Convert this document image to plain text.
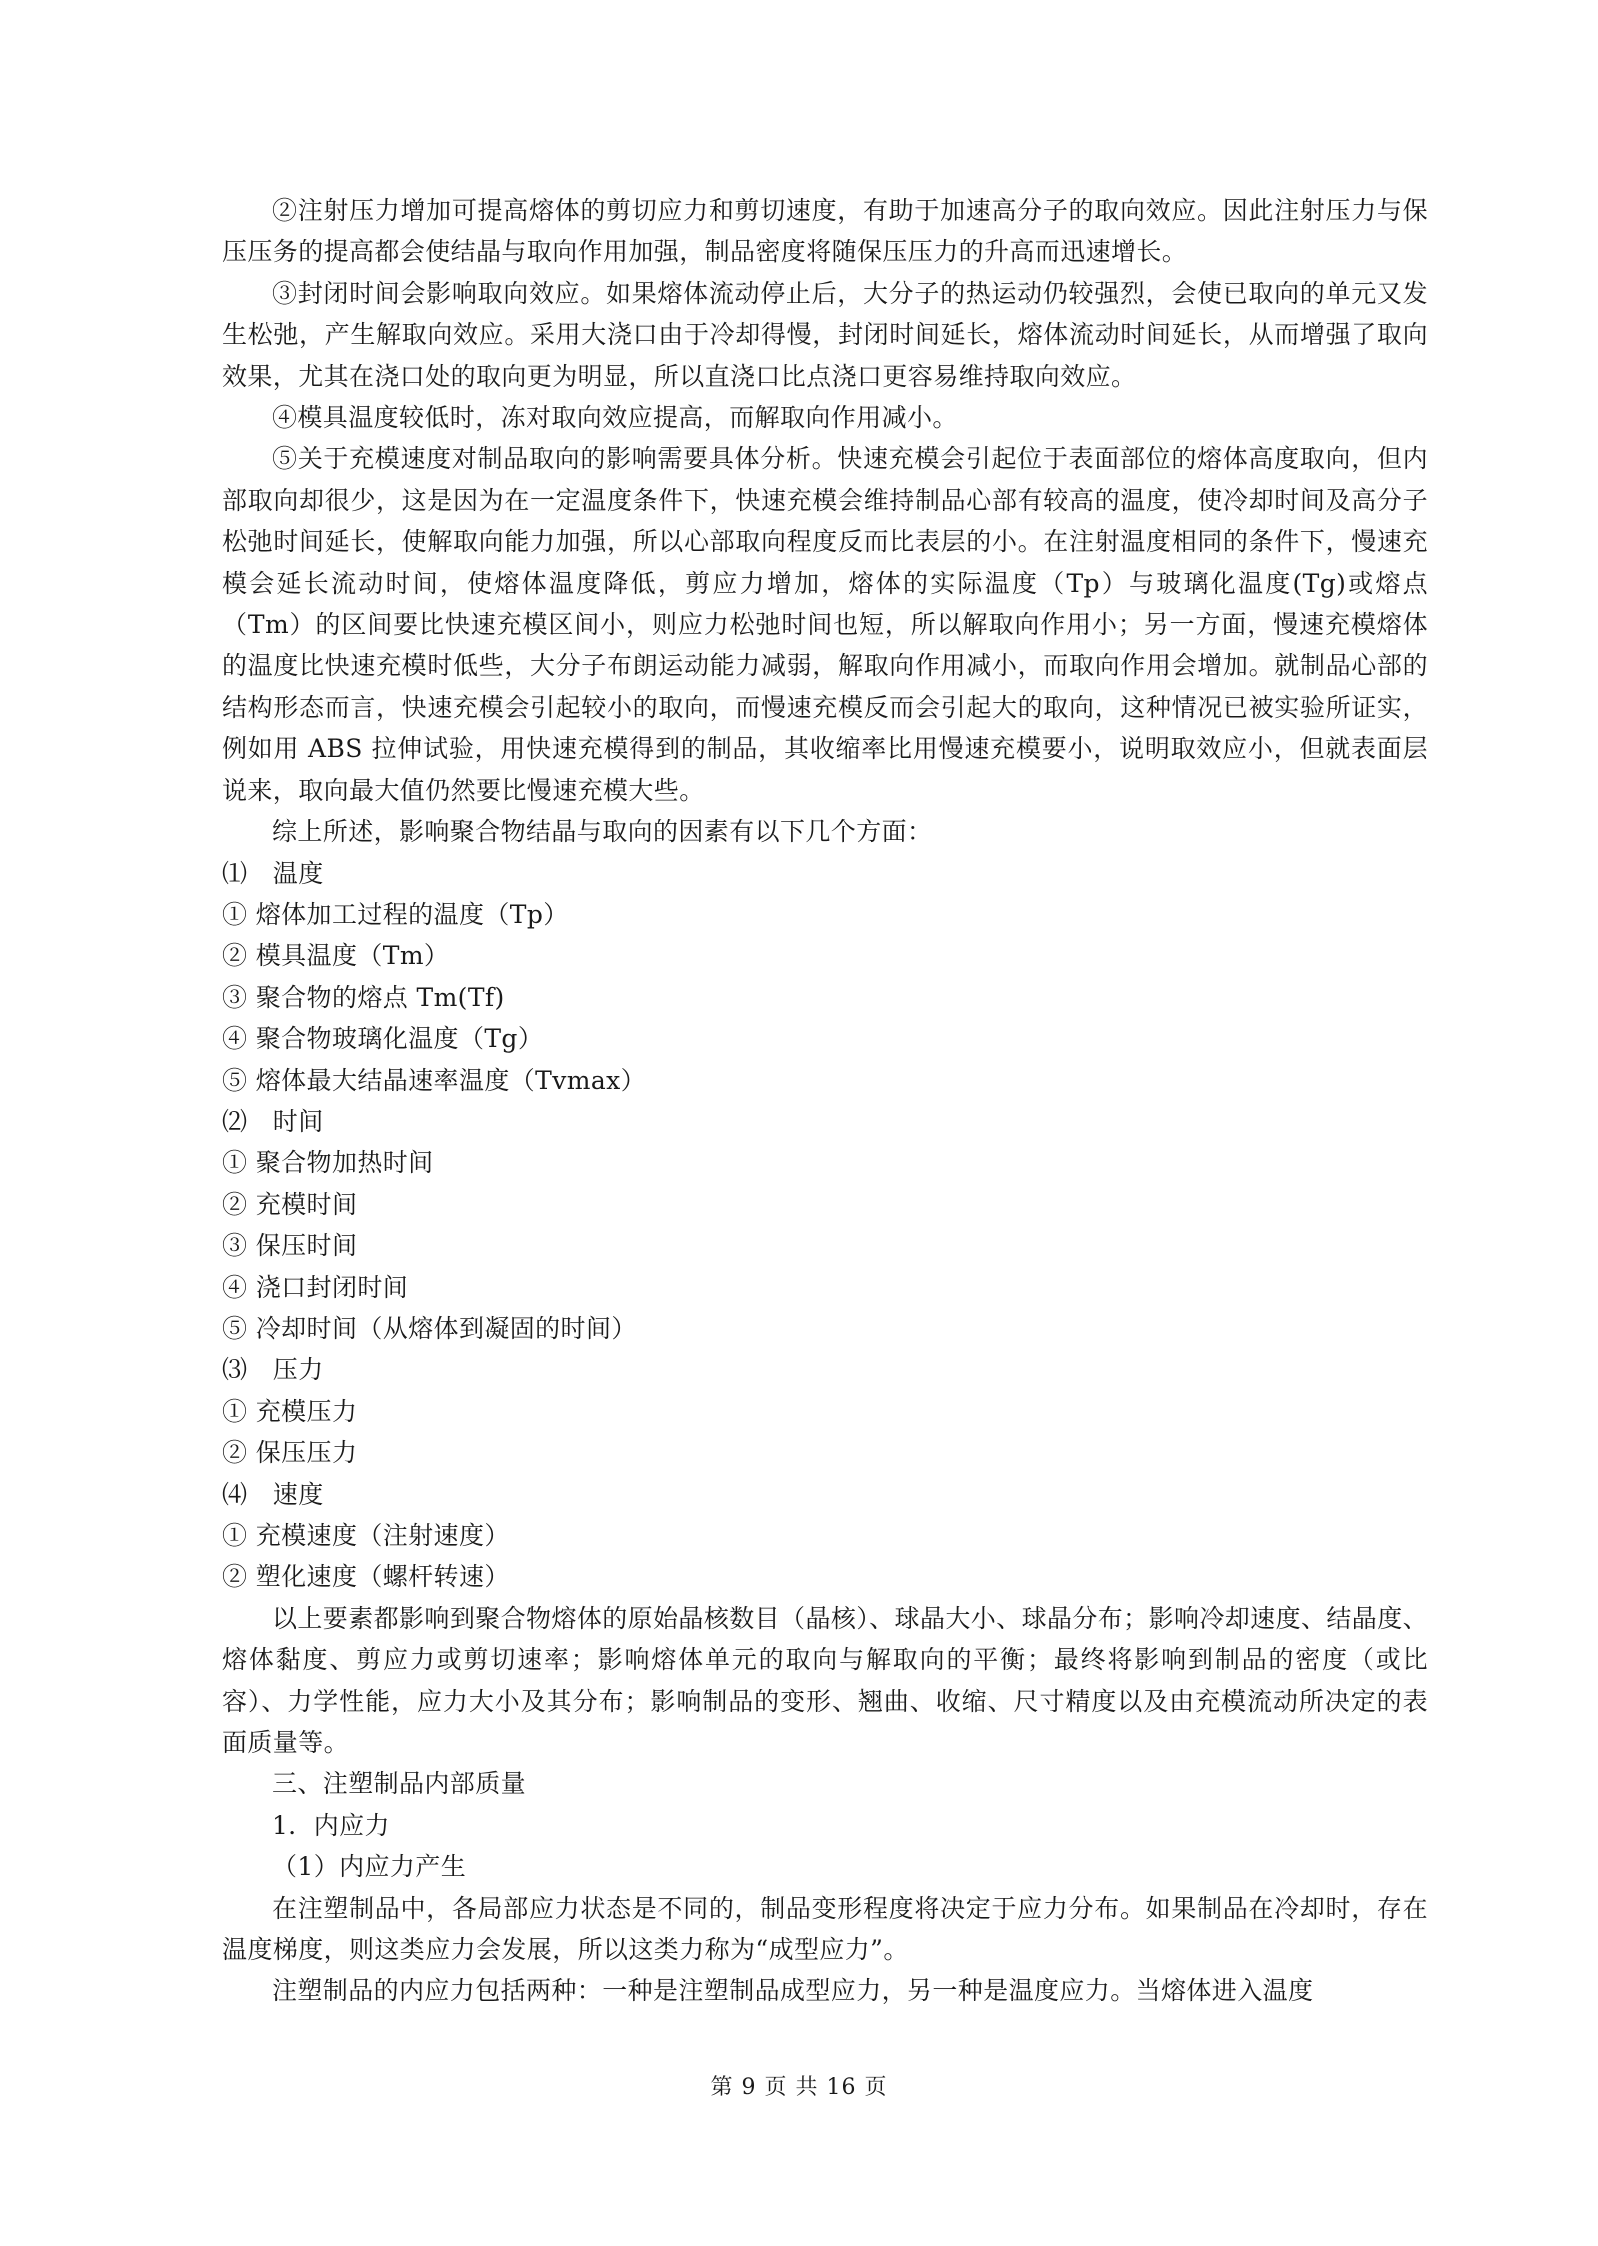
②注射压力增加可提高熔体的剪切应力和剪切速度，有助于加速高分子的取向效应。因此注射压力与保压压务的提高都会使结晶与取向作用加强，制品密度将随保压压力的升高而迅速增长。

③封闭时间会影响取向效应。如果熔体流动停止后，大分子的热运动仍较强烈，会使已取向的单元又发生松弛，产生解取向效应。采用大浇口由于冷却得慢，封闭时间延长，熔体流动时间延长，从而增强了取向效果，尤其在浇口处的取向更为明显，所以直浇口比点浇口更容易维持取向效应。

④模具温度较低时，冻对取向效应提高，而解取向作用减小。

⑤关于充模速度对制品取向的影响需要具体分析。快速充模会引起位于表面部位的熔体高度取向，但内部取向却很少，这是因为在一定温度条件下，快速充模会维持制品心部有较高的温度，使冷却时间及高分子松弛时间延长，使解取向能力加强，所以心部取向程度反而比表层的小。在注射温度相同的条件下，慢速充模会延长流动时间，使熔体温度降低，剪应力增加，熔体的实际温度（Tp）与玻璃化温度(Tg)或熔点（Tm）的区间要比快速充模区间小，则应力松弛时间也短，所以解取向作用小；另一方面，慢速充模熔体的温度比快速充模时低些，大分子布朗运动能力减弱，解取向作用减小，而取向作用会增加。就制品心部的结构形态而言，快速充模会引起较小的取向，而慢速充模反而会引起大的取向，这种情况已被实验所证实，例如用 ABS 拉伸试验，用快速充模得到的制品，其收缩率比用慢速充模要小，说明取效应小，但就表面层说来，取向最大值仍然要比慢速充模大些。

综上所述，影响聚合物结晶与取向的因素有以下几个方面：

⑴　温度

① 熔体加工过程的温度（Tp）

② 模具温度（Tm）

③ 聚合物的熔点 Tm(Tf)

④ 聚合物玻璃化温度（Tg）

⑤ 熔体最大结晶速率温度（Tvmax）

⑵　时间

① 聚合物加热时间

② 充模时间

③ 保压时间

④ 浇口封闭时间

⑤ 冷却时间（从熔体到凝固的时间）

⑶　压力

① 充模压力

② 保压压力

⑷　速度

① 充模速度（注射速度）

② 塑化速度（螺杆转速）

以上要素都影响到聚合物熔体的原始晶核数目（晶核）、球晶大小、球晶分布；影响冷却速度、结晶度、熔体黏度、剪应力或剪切速率；影响熔体单元的取向与解取向的平衡；最终将影响到制品的密度（或比容）、力学性能，应力大小及其分布；影响制品的变形、翘曲、收缩、尺寸精度以及由充模流动所决定的表面质量等。

三、注塑制品内部质量

1．内应力

（1）内应力产生

在注塑制品中，各局部应力状态是不同的，制品变形程度将决定于应力分布。如果制品在冷却时，存在温度梯度，则这类应力会发展，所以这类力称为“成型应力”。

注塑制品的内应力包括两种：一种是注塑制品成型应力，另一种是温度应力。当熔体进入温度

第 9 页 共 16 页
